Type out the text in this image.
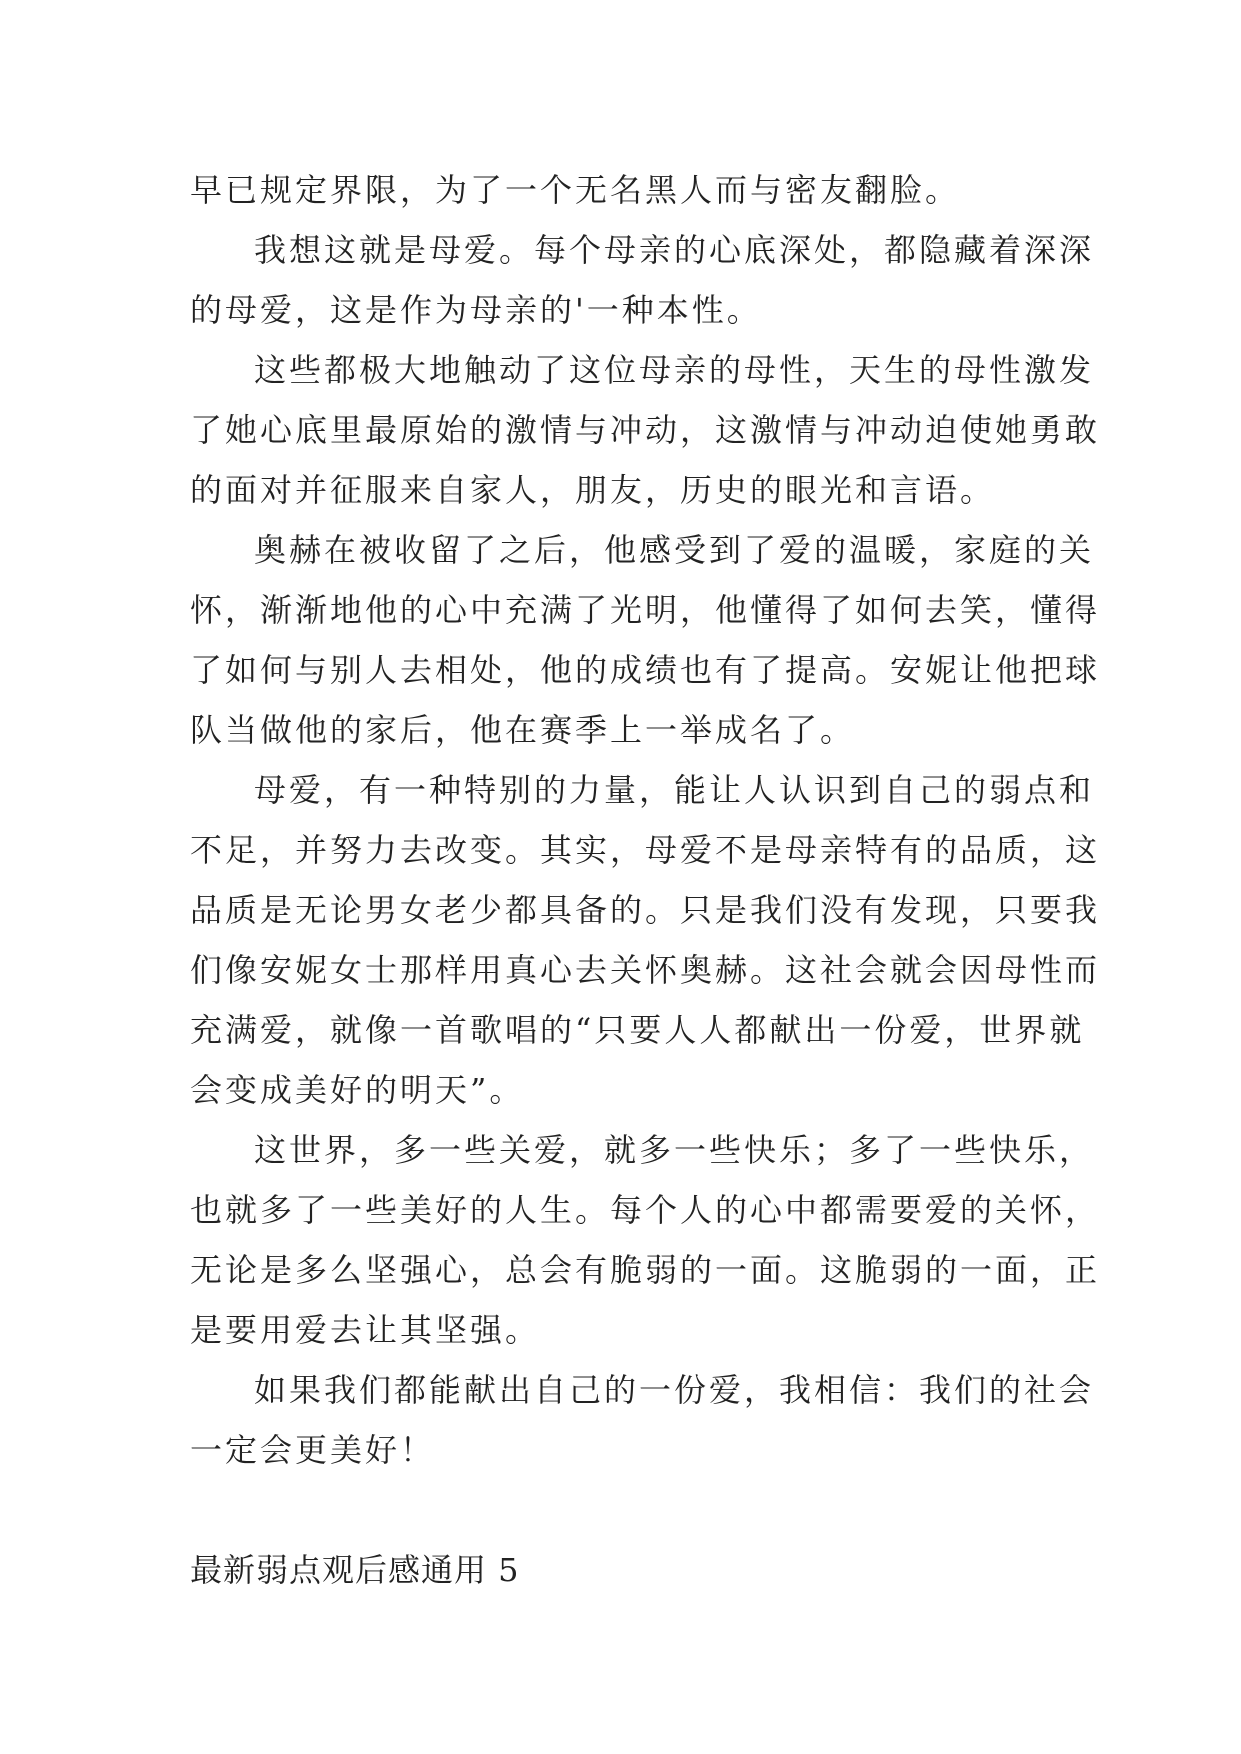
早已规定界限，为了一个无名黑人而与密友翻脸。
我想这就是母爱。每个母亲的心底深处，都隐藏着深深
的母爱，这是作为母亲的'一种本性。
这些都极大地触动了这位母亲的母性，天生的母性激发
了她心底里最原始的激情与冲动，这激情与冲动迫使她勇敢
的面对并征服来自家人，朋友，历史的眼光和言语。
奥赫在被收留了之后，他感受到了爱的温暖，家庭的关
怀，渐渐地他的心中充满了光明，他懂得了如何去笑，懂得
了如何与别人去相处，他的成绩也有了提高。安妮让他把球
队当做他的家后，他在赛季上一举成名了。
母爱，有一种特别的力量，能让人认识到自己的弱点和
不足，并努力去改变。其实，母爱不是母亲特有的品质，这
品质是无论男女老少都具备的。只是我们没有发现，只要我
们像安妮女士那样用真心去关怀奥赫。这社会就会因母性而
充满爱，就像一首歌唱的“只要人人都献出一份爱，世界就
会变成美好的明天”。
这世界，多一些关爱，就多一些快乐；多了一些快乐，
也就多了一些美好的人生。每个人的心中都需要爱的关怀，
无论是多么坚强心，总会有脆弱的一面。这脆弱的一面，正
是要用爱去让其坚强。
如果我们都能献出自己的一份爱，我相信：我们的社会
一定会更美好！
最新弱点观后感通用 5
